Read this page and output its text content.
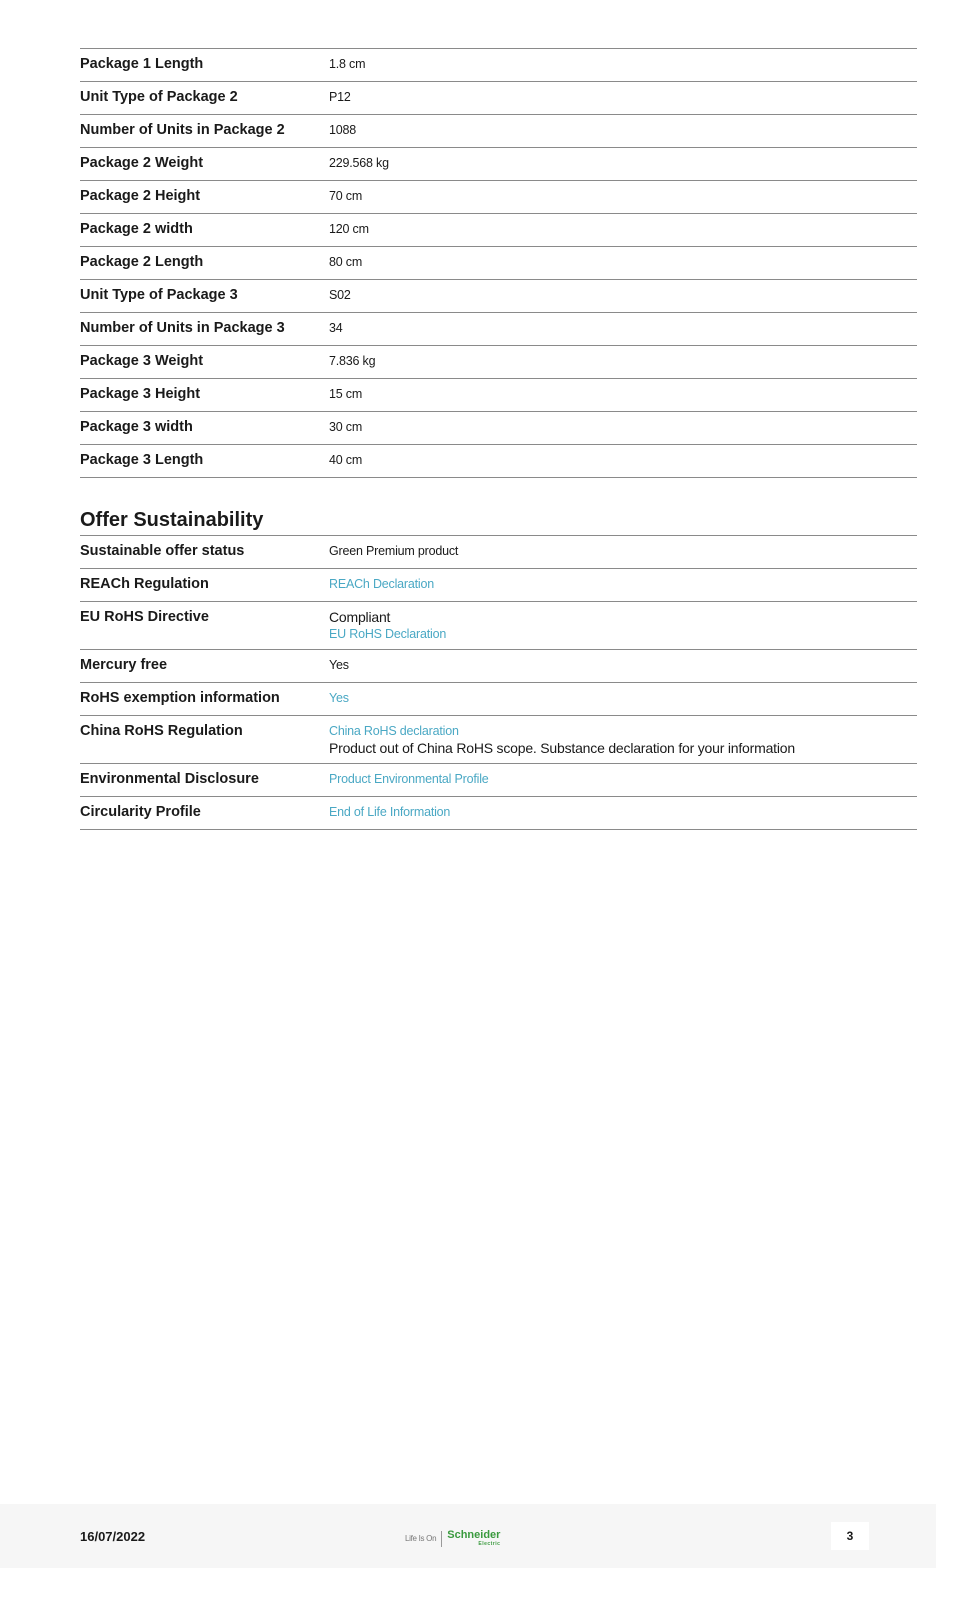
Package 1 Length	1.8 cm
Unit Type of Package 2	P12
Number of Units in Package 2	1088
Package 2 Weight	229.568 kg
Package 2 Height	70 cm
Package 2 width	120 cm
Package 2 Length	80 cm
Unit Type of Package 3	S02
Number of Units in Package 3	34
Package 3 Weight	7.836 kg
Package 3 Height	15 cm
Package 3 width	30 cm
Package 3 Length	40 cm
Offer Sustainability
Sustainable offer status	Green Premium product
REACh Regulation	REACh Declaration
EU RoHS Directive	Compliant
EU RoHS Declaration
Mercury free	Yes
RoHS exemption information	Yes
China RoHS Regulation	China RoHS declaration
Product out of China RoHS scope. Substance declaration for your information
Environmental Disclosure	Product Environmental Profile
Circularity Profile	End of Life Information
16/07/2022	Life Is On Schneider
Electric
3
